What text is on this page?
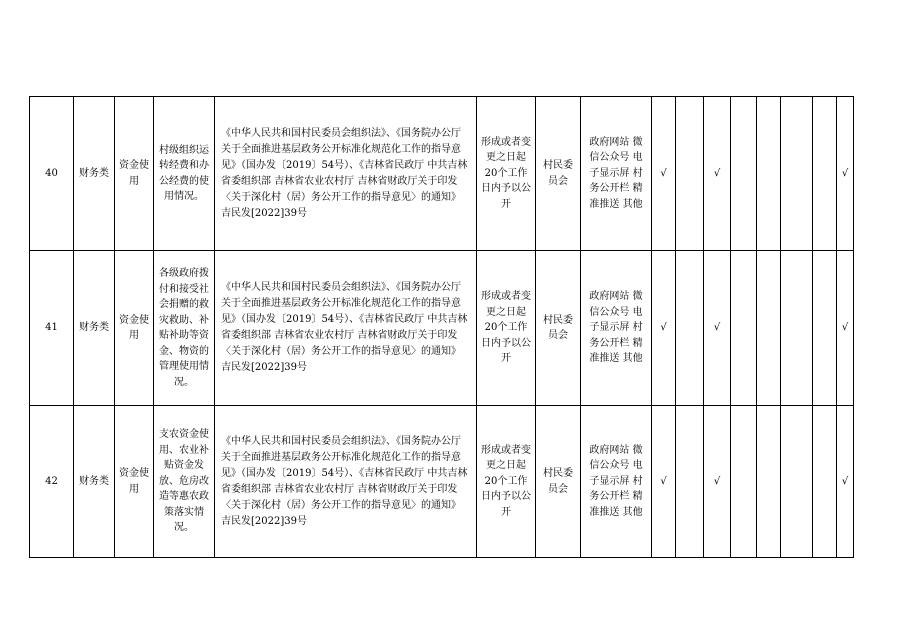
40	财务类	资金使用	村级组织运转经费和办公经费的使用情况。	《中华人民共和国村民委员会组织法》、《国务院办公厅关于全面推进基层政务公开标准化规范化工作的指导意见》（国办发〔2019〕54号）、《吉林省民政厅 中共吉林省委组织部 吉林省农业农村厅 吉林省财政厅关于印发〈关于深化村（居）务公开工作的指导意见〉的通知》吉民发[2022]39号	形成或者变更之日起20个工作日内予以公开	村民委员会	政府网站 微信公众号 电子显示屏 村务公开栏 精准推送 其他	√		√					√
41	财务类	资金使用	各级政府拨付和接受社会捐赠的救灾救助、补贴补助等资金、物资的管理使用情况。	《中华人民共和国村民委员会组织法》、《国务院办公厅关于全面推进基层政务公开标准化规范化工作的指导意见》（国办发〔2019〕54号）、《吉林省民政厅 中共吉林省委组织部 吉林省农业农村厅 吉林省财政厅关于印发〈关于深化村（居）务公开工作的指导意见〉的通知》吉民发[2022]39号	形成或者变更之日起20个工作日内予以公开	村民委员会	政府网站 微信公众号 电子显示屏 村务公开栏 精准推送 其他	√		√					√
42	财务类	资金使用	支农资金使用、农业补贴资金发放、危房改造等惠农政策落实情况。	《中华人民共和国村民委员会组织法》、《国务院办公厅关于全面推进基层政务公开标准化规范化工作的指导意见》（国办发〔2019〕54号）、《吉林省民政厅 中共吉林省委组织部 吉林省农业农村厅 吉林省财政厅关于印发〈关于深化村（居）务公开工作的指导意见〉的通知》吉民发[2022]39号	形成或者变更之日起20个工作日内予以公开	村民委员会	政府网站 微信公众号 电子显示屏 村务公开栏 精准推送 其他	√		√					√
